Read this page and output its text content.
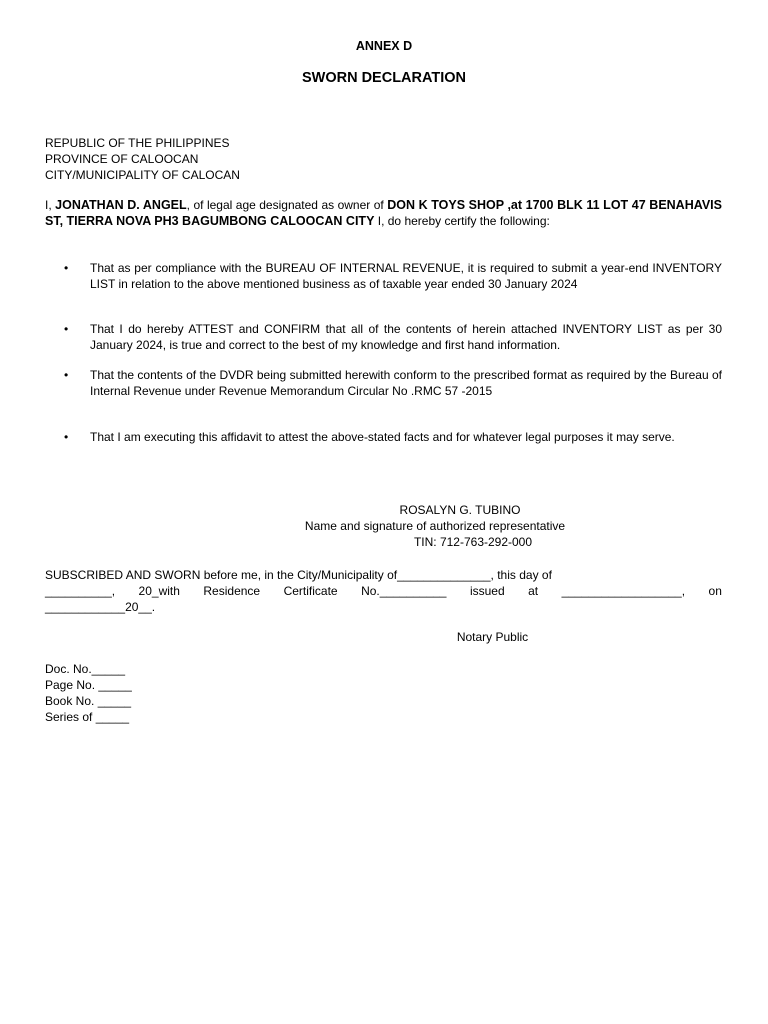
ANNEX D
SWORN DECLARATION
REPUBLIC OF THE PHILIPPINES
PROVINCE OF CALOOCAN
CITY/MUNICIPALITY OF CALOCAN
I, JONATHAN D. ANGEL, of legal age designated as owner of DON K TOYS SHOP ,at 1700 BLK 11 LOT 47 BENAHAVIS ST, TIERRA NOVA PH3 BAGUMBONG CALOOCAN CITY I, do hereby certify the following:
• That as per compliance with the BUREAU OF INTERNAL REVENUE, it is required to submit a year-end INVENTORY LIST in relation to the above mentioned business as of taxable year ended 30 January 2024
• That I do hereby ATTEST and CONFIRM that all of the contents of herein attached INVENTORY LIST as per 30 January 2024, is true and correct to the best of my knowledge and first hand information.
• That the contents of the DVDR being submitted herewith conform to the prescribed format as required by the Bureau of Internal Revenue under Revenue Memorandum Circular No .RMC 57 -2015
• That I am executing this affidavit to attest the above-stated facts and for whatever legal purposes it may serve.
ROSALYN G. TUBINO
Name and signature of authorized representative
TIN: 712-763-292-000
SUBSCRIBED AND SWORN before me, in the City/Municipality of______________, this day of
__________, 20_with Residence Certificate No.__________ issued at __________________, on
____________20__.
Notary Public
Doc. No._____
Page No. _____
Book No. _____
Series of _____
